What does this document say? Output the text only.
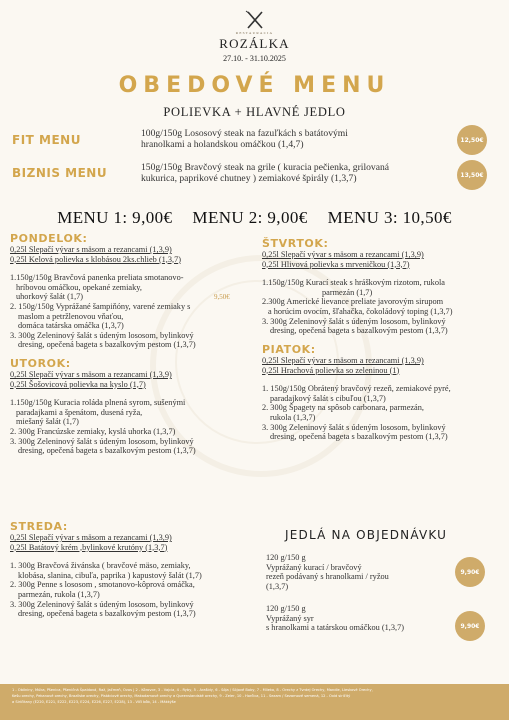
RESTAURACIA
ROZÁLKA
27.10. - 31.10.2025
OBEDOVÉ MENU
POLIEVKA + HLAVNÉ JEDLO
FIT MENU	100g/150g Lososový steak na fazuľkách s batátovými
hranolkami a holandskou omáčkou (1,4,7)	12,50€
BIZNIS MENU	150g/150g Bravčový steak na grile ( kuracia pečienka, grilovaná
kukurica, paprikové chutney ) zemiakové špirály (1,3,7)	13,50€
MENU 1: 9,00€ MENU 2: 9,00€ MENU 3: 10,50€
PONDELOK:
0,25l Slepačí vývar s mäsom a rezancami (1,3,9)
0,25l Kelová polievka s klobásou 2ks.chlieb (1,3,7)
1.150g/150g Bravčová panenka preliata smotanovo-
hríbovou omáčkou, opekané zemiaky,
uhorkový šalát (1,7)
2. 150g/150g Vyprážané šampiňóny, varené zemiaky s
maslom a petržlenovou vňaťou,
domáca tatárska omáčka (1,3,7)
3. 300g Zeleninový šalát s údeným lososom, bylinkový
dresing, opečená bageta s bazalkovým pestom (1,3,7)
9,50€
UTOROK:
0,25l Slepačí vývar s mäsom a rezancami (1,3,9)
0,25l Šošovicová polievka na kyslo (1,7)
1.150g/150g Kuracia roláda plnená syrom, sušenými
paradajkami a špenátom, dusená ryža,
miešaný šalát (1,7)
2. 300g Francúzske zemiaky, kyslá uhorka (1,3,7)
3. 300g Zeleninový šalát s údeným lososom, bylinkový
dresing, opečená bageta s bazalkovým pestom (1,3,7)
STREDA:
0,25l Slepačí vývar s mäsom a rezancami (1,3,9)
0,25l Batátový krém ,bylinkové krutóny (1,3,7)
1. 300g Bravčová živánska ( bravčové mäso, zemiaky,
klobása, slanina, cibuľa, paprika ) kapustový šalát (1,7)
2. 300g Penne s lososom , smotanovo-kôprová omáčka,
parmezán, rukola (1,3,7)
3. 300g Zeleninový šalát s údeným lososom, bylinkový
dresing, opečená bageta s bazalkovým pestom (1,3,7)
ŠTVRTOK:
0,25l Slepačí vývar s mäsom a rezancami (1,3,9)
0,25l Hlivová polievka s mrveničkou (1,3,7)
1.150g/150g Kurací steak s hráškovým rizotom, rukola
parmezán (1,7)
2.300g Americké lievance preliate javorovým sirupom
a horúcim ovocím, šľahačka, čokoládový toping (1,3,7)
3. 300g Zeleninový šalát s údeným lososom, bylinkový
dresing, opečená bageta s bazalkovým pestom (1,3,7)
PIATOK:
0,25l Slepačí vývar s mäsom a rezancami (1,3,9)
0,25l Hrachová polievka so zeleninou (1)
1. 150g/150g Obrátený bravčový rezeň, zemiakové pyré,
paradajkový šalát s cibuľou (1,3,7)
2. 300g Špagety na spôsob carbonara, parmezán,
rukola (1,3,7)
3. 300g Zeleninový šalát s údeným lososom, bylinkový
dresing, opečená bageta s bazalkovým pestom (1,3,7)
JEDLÁ NA OBJEDNÁVKU
120 g/150 g
Vyprážaný kurací / bravčový
rezeň podávaný s hranolkami / ryžou
(1,3,7)
9,90€
120 g/150 g
Vyprážaný syr
s hranolkami a tatárskou omáčkou (1,3,7)	9,90€
1 - Obilniny, Múka, Pšenica, Pšeničná Špaldová, Raž, Jačmeň, Ovos | 2 - Kôrovce, 3 - Vajcia, 4 - Ryby, 5 - Arašidy, 6 - Sója / Sójové Boby, 7 - Mlieko, 8 - Orechy z Tvrdej Orechy, Mandle, Lieskové Orechy,
Kešu orechy, Pekanové orechy, Brazílske orechy, Pistáciové orechy, Makadamové orechy a Queenslandské orechy, 9 - Zeler, 10 - Horčica, 11 - Sezam / Sezamové semená, 12 - Oxid siričitý
a Siričitany (E220, E221, E222, E223, E224, E226, E227, E228), 13 - Vlčí bôb, 14 - Mäkkýše
